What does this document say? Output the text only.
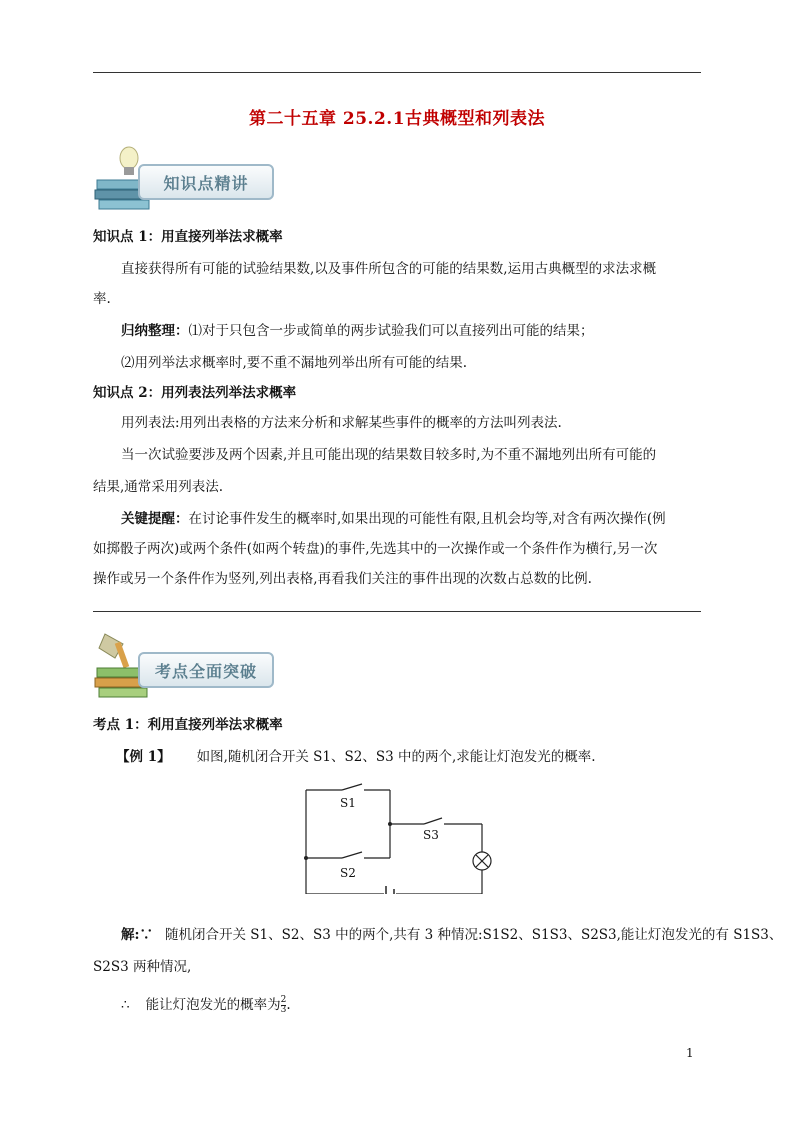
第二十五章 25.2.1古典概型和列表法
知识点精讲
知识点 1：用直接列举法求概率
直接获得所有可能的试验结果数,以及事件所包含的可能的结果数,运用古典概型的求法求概
率.
归纳整理：⑴对于只包含一步或简单的两步试验我们可以直接列出可能的结果；
⑵用列举法求概率时,要不重不漏地列举出所有可能的结果.
知识点 2：用列表法列举法求概率
用列表法:用列出表格的方法来分析和求解某些事件的概率的方法叫列表法.
当一次试验要涉及两个因素,并且可能出现的结果数目较多时,为不重不漏地列出所有可能的
结果,通常采用列表法.
关键提醒：在讨论事件发生的概率时,如果出现的可能性有限,且机会均等,对含有两次操作(例
如掷骰子两次)或两个条件(如两个转盘)的事件,先选其中的一次操作或一个条件作为横行,另一次
操作或另一个条件作为竖列,列出表格,再看我们关注的事件出现的次数占总数的比例.
考点全面突破
考点 1：利用直接列举法求概率
【例 1】 如图,随机闭合开关 S1、S2、S3 中的两个,求能让灯泡发光的概率.
S1
S3
S2
解:∵ 随机闭合开关 S1、S2、S3 中的两个,共有 3 种情况:S1S2、S1S3、S2S3,能让灯泡发光的有 S1S3、
S2S3 两种情况,
∴ 能让灯泡发光的概率为 $\frac{2}{3}$ .
1
